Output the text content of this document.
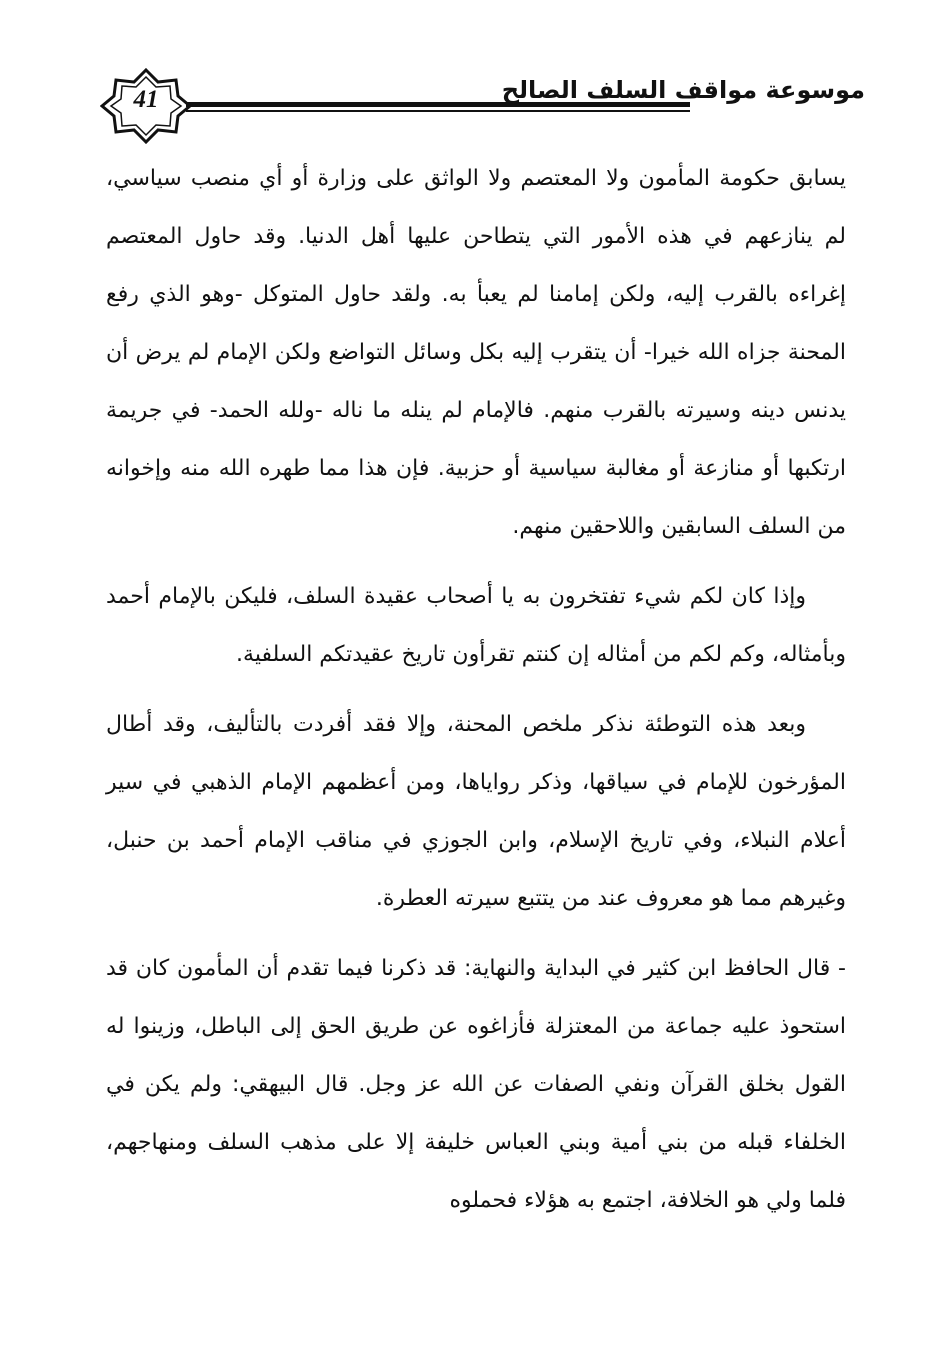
41	موسوعة مواقف السلف الصالح

يسابق حكومة المأمون ولا المعتصم ولا الواثق على وزارة أو أي منصب سياسي، لم ينازعهم في هذه الأمور التي يتطاحن عليها أهل الدنيا. وقد حاول المعتصم إغراءه بالقرب إليه، ولكن إمامنا لم يعبأ به. ولقد حاول المتوكل -وهو الذي رفع المحنة جزاه الله خيرا- أن يتقرب إليه بكل وسائل التواضع ولكن الإمام لم يرض أن يدنس دينه وسيرته بالقرب منهم. فالإمام لم ينله ما ناله -ولله الحمد- في جريمة ارتكبها أو منازعة أو مغالبة سياسية أو حزبية. فإن هذا مما طهره الله منه وإخوانه من السلف السابقين واللاحقين منهم.

وإذا كان لكم شيء تفتخرون به يا أصحاب عقيدة السلف، فليكن بالإمام أحمد وبأمثاله، وكم لكم من أمثاله إن كنتم تقرأون تاريخ عقيدتكم السلفية.

وبعد هذه التوطئة نذكر ملخص المحنة، وإلا فقد أفردت بالتأليف، وقد أطال المؤرخون للإمام في سياقها، وذكر رواياها، ومن أعظمهم الإمام الذهبي في سير أعلام النبلاء، وفي تاريخ الإسلام، وابن الجوزي في مناقب الإمام أحمد بن حنبل، وغيرهم مما هو معروف عند من يتتبع سيرته العطرة.

- قال الحافظ ابن كثير في البداية والنهاية: قد ذكرنا فيما تقدم أن المأمون كان قد استحوذ عليه جماعة من المعتزلة فأزاغوه عن طريق الحق إلى الباطل، وزينوا له القول بخلق القرآن ونفي الصفات عن الله عز وجل. قال البيهقي: ولم يكن في الخلفاء قبله من بني أمية وبني العباس خليفة إلا على مذهب السلف ومنهاجهم، فلما ولي هو الخلافة، اجتمع به هؤلاء فحملوه
